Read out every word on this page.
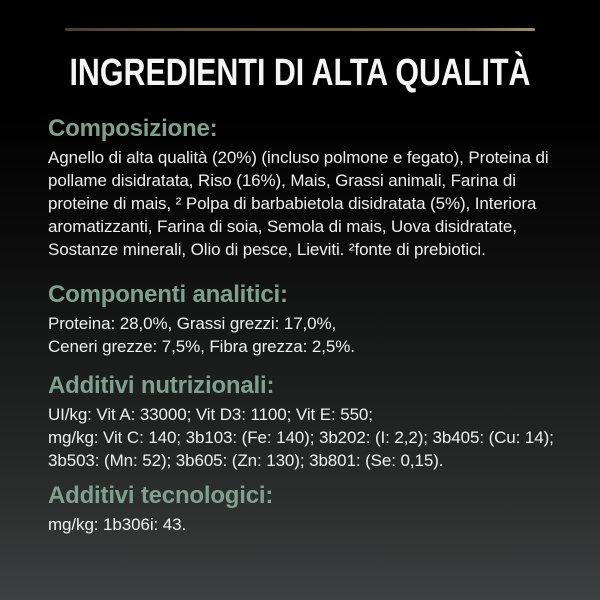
INGREDIENTI DI ALTA QUALITÀ
Composizione:
Agnello di alta qualità (20%) (incluso polmone e fegato), Proteina di
pollame disidratata, Riso (16%), Mais, Grassi animali, Farina di
proteine di mais, ² Polpa di barbabietola disidratata (5%), Interiora
aromatizzanti, Farina di soia, Semola di mais, Uova disidratate,
Sostanze minerali, Olio di pesce, Lieviti. ²fonte di prebiotici.
Componenti analitici:
Proteina: 28,0%, Grassi grezzi: 17,0%,
Ceneri grezze: 7,5%, Fibra grezza: 2,5%.
Additivi nutrizionali:
UI/kg: Vit A: 33000; Vit D3: 1100; Vit E: 550;
mg/kg: Vit C: 140; 3b103: (Fe: 140); 3b202: (I: 2,2); 3b405: (Cu: 14);
3b503: (Mn: 52); 3b605: (Zn: 130); 3b801: (Se: 0,15).
Additivi tecnologici:
mg/kg: 1b306i: 43.
